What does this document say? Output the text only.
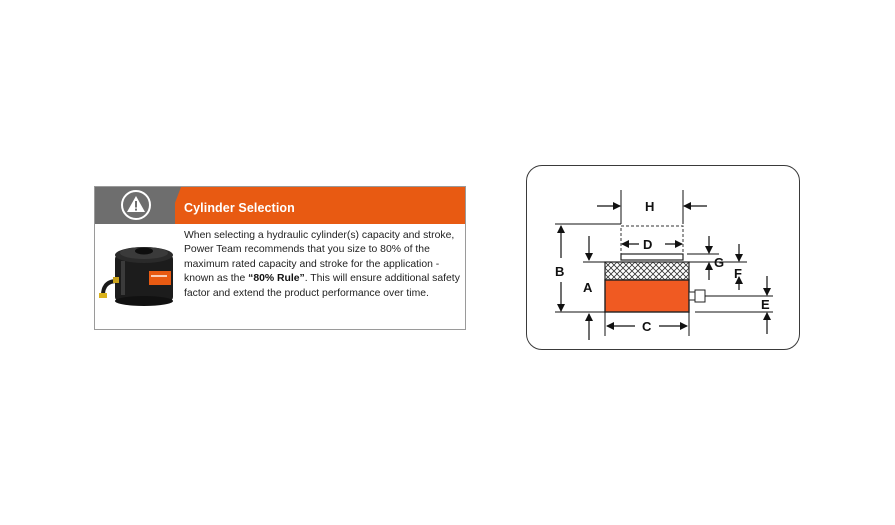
Cylinder Selection

When selecting a hydraulic cylinder(s) capacity and stroke, Power Team recommends that you size to 80% of the maximum rated capacity and stroke for the application - known as the “80% Rule”. This will ensure additional safety factor and extend the product performance over time.

H
D
B
A
C
G
F
E
